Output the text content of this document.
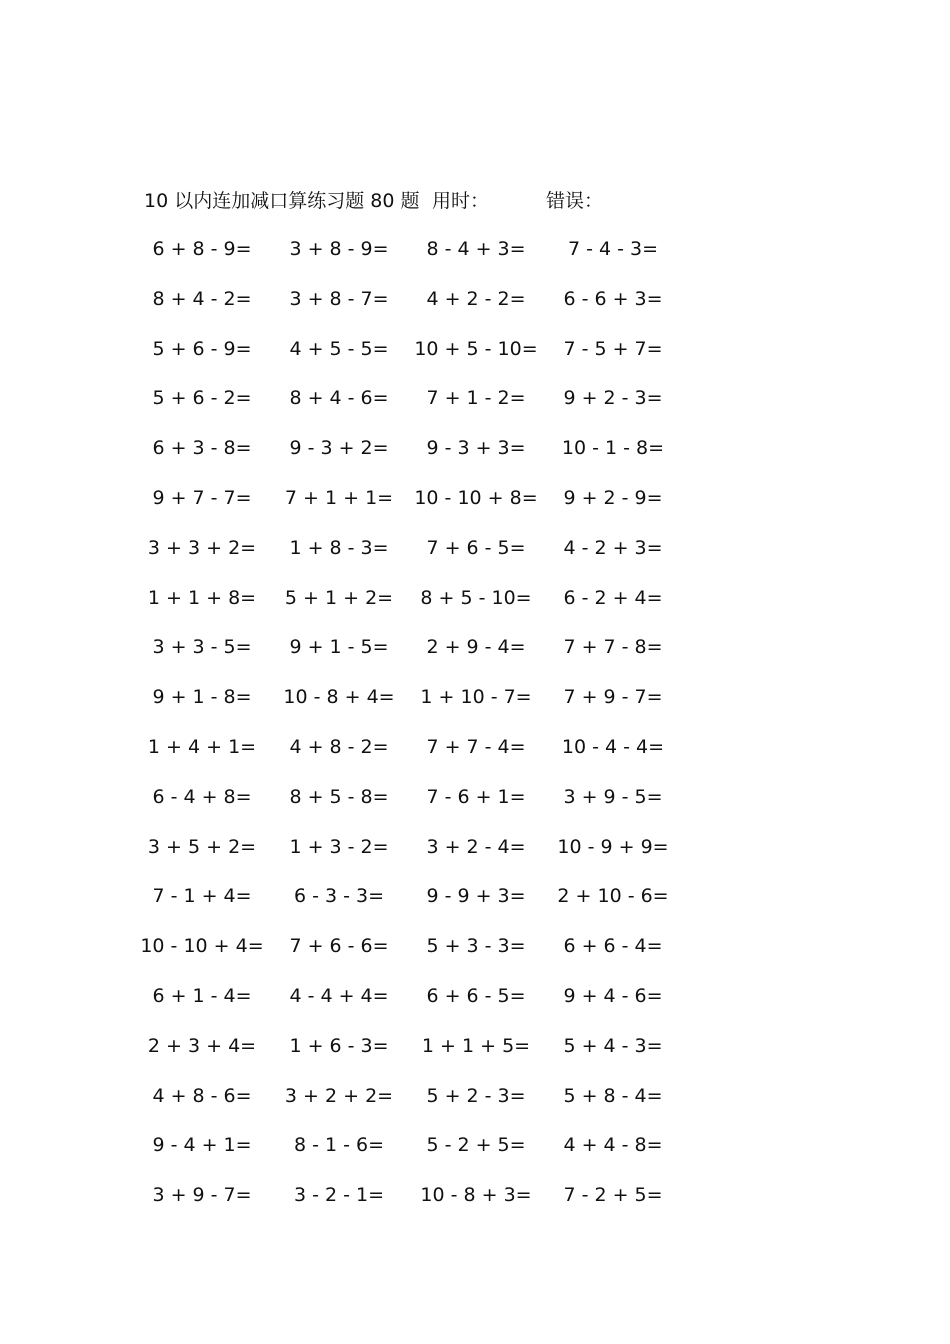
10 以内连加减口算练习题 80 题 用时：	错误：
6 + 8 - 9=	3 + 8 - 9=	8 - 4 + 3=	7 - 4 - 3=
8 + 4 - 2=	3 + 8 - 7=	4 + 2 - 2=	6 - 6 + 3=
5 + 6 - 9=	4 + 5 - 5=	10 + 5 - 10=	7 - 5 + 7=
5 + 6 - 2=	8 + 4 - 6=	7 + 1 - 2=	9 + 2 - 3=
6 + 3 - 8=	9 - 3 + 2=	9 - 3 + 3=	10 - 1 - 8=
9 + 7 - 7=	7 + 1 + 1=	10 - 10 + 8=	9 + 2 - 9=
3 + 3 + 2=	1 + 8 - 3=	7 + 6 - 5=	4 - 2 + 3=
1 + 1 + 8=	5 + 1 + 2=	8 + 5 - 10=	6 - 2 + 4=
3 + 3 - 5=	9 + 1 - 5=	2 + 9 - 4=	7 + 7 - 8=
9 + 1 - 8=	10 - 8 + 4=	1 + 10 - 7=	7 + 9 - 7=
1 + 4 + 1=	4 + 8 - 2=	7 + 7 - 4=	10 - 4 - 4=
6 - 4 + 8=	8 + 5 - 8=	7 - 6 + 1=	3 + 9 - 5=
3 + 5 + 2=	1 + 3 - 2=	3 + 2 - 4=	10 - 9 + 9=
7 - 1 + 4=	6 - 3 - 3=	9 - 9 + 3=	2 + 10 - 6=
10 - 10 + 4=	7 + 6 - 6=	5 + 3 - 3=	6 + 6 - 4=
6 + 1 - 4=	4 - 4 + 4=	6 + 6 - 5=	9 + 4 - 6=
2 + 3 + 4=	1 + 6 - 3=	1 + 1 + 5=	5 + 4 - 3=
4 + 8 - 6=	3 + 2 + 2=	5 + 2 - 3=	5 + 8 - 4=
9 - 4 + 1=	8 - 1 - 6=	5 - 2 + 5=	4 + 4 - 8=
3 + 9 - 7=	3 - 2 - 1=	10 - 8 + 3=	7 - 2 + 5=
